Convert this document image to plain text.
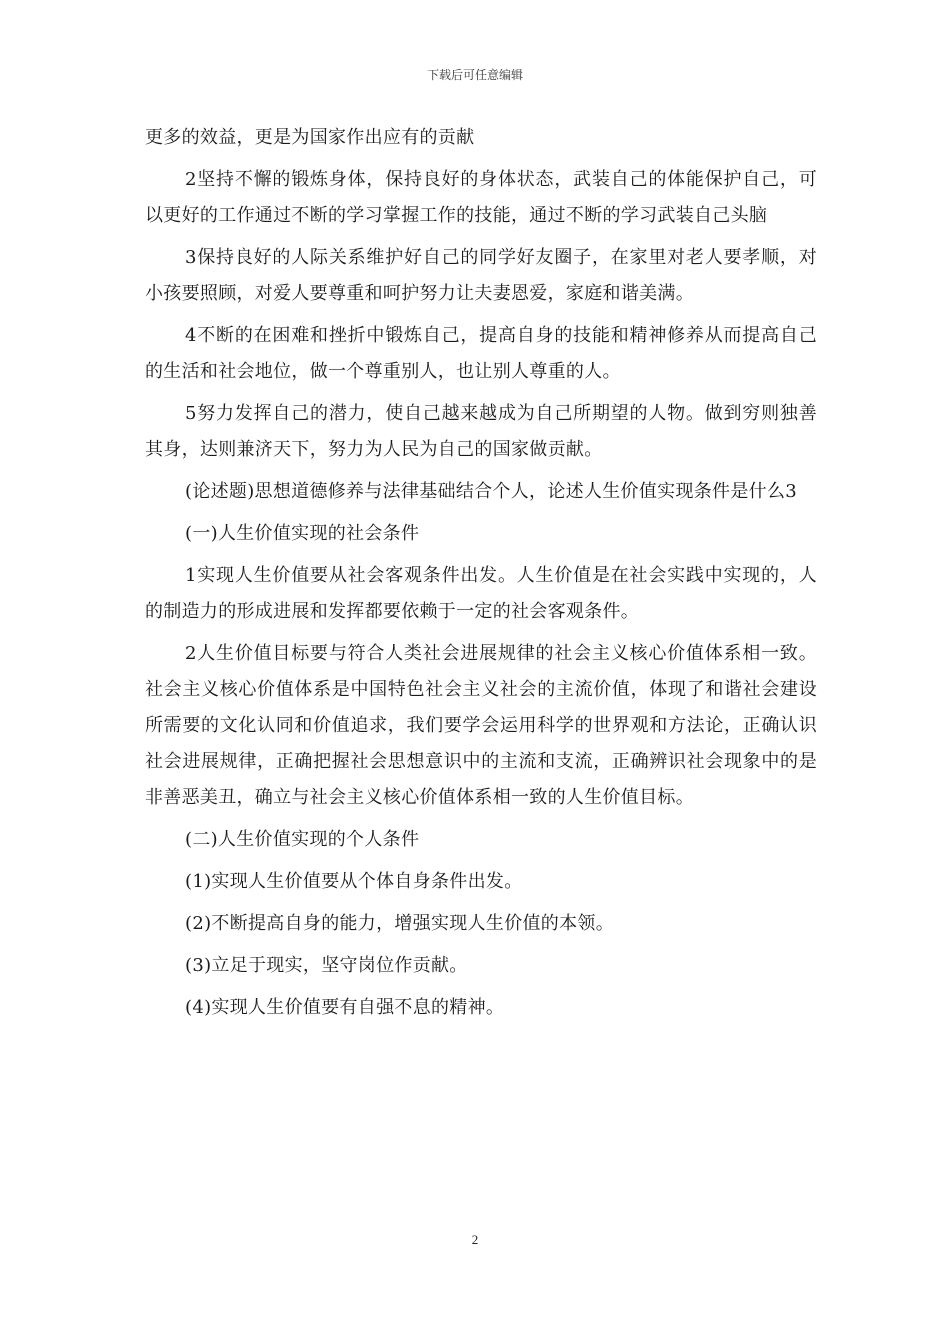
下载后可任意编辑

更多的效益，更是为国家作出应有的贡献

2坚持不懈的锻炼身体，保持良好的身体状态，武装自己的体能保护自己，可以更好的工作通过不断的学习掌握工作的技能，通过不断的学习武装自己头脑

3保持良好的人际关系维护好自己的同学好友圈子，在家里对老人要孝顺，对小孩要照顾，对爱人要尊重和呵护努力让夫妻恩爱，家庭和谐美满。

4不断的在困难和挫折中锻炼自己，提高自身的技能和精神修养从而提高自己的生活和社会地位，做一个尊重别人，也让别人尊重的人。

5努力发挥自己的潜力，使自己越来越成为自己所期望的人物。做到穷则独善其身，达则兼济天下，努力为人民为自己的国家做贡献。

(论述题)思想道德修养与法律基础结合个人，论述人生价值实现条件是什么3

(一)人生价值实现的社会条件

1实现人生价值要从社会客观条件出发。人生价值是在社会实践中实现的，人的制造力的形成进展和发挥都要依赖于一定的社会客观条件。

2人生价值目标要与符合人类社会进展规律的社会主义核心价值体系相一致。社会主义核心价值体系是中国特色社会主义社会的主流价值，体现了和谐社会建设所需要的文化认同和价值追求，我们要学会运用科学的世界观和方法论，正确认识社会进展规律，正确把握社会思想意识中的主流和支流，正确辨识社会现象中的是非善恶美丑，确立与社会主义核心价值体系相一致的人生价值目标。

(二)人生价值实现的个人条件

(1)实现人生价值要从个体自身条件出发。

(2)不断提高自身的能力，增强实现人生价值的本领。

(3)立足于现实，坚守岗位作贡献。

(4)实现人生价值要有自强不息的精神。

2
